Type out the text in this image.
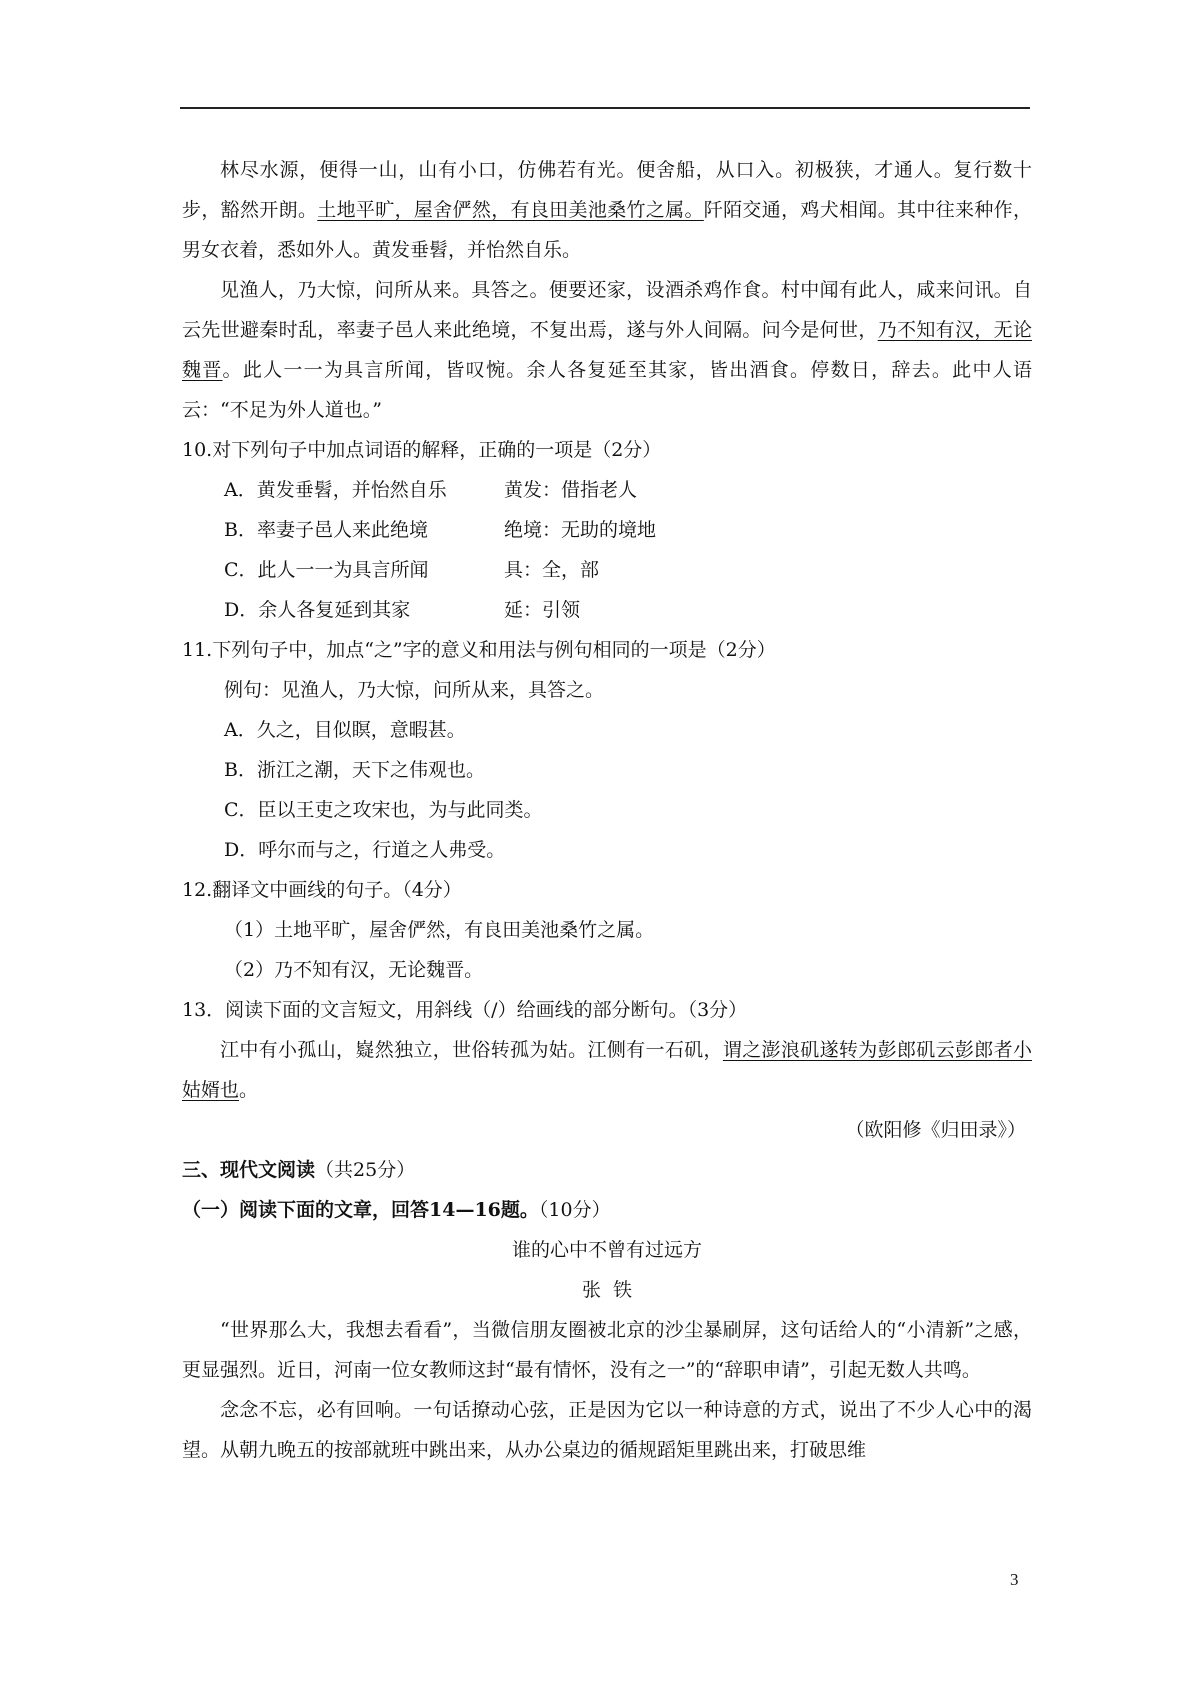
林尽水源，便得一山，山有小口，仿佛若有光。便舍船，从口入。初极狭，才通人。复行数十步，豁然开朗。土地平旷，屋舍俨然，有良田美池桑竹之属。阡陌交通，鸡犬相闻。其中往来种作，男女衣着，悉如外人。黄发垂髫，并怡然自乐。

见渔人，乃大惊，问所从来。具答之。便要还家，设酒杀鸡作食。村中闻有此人，咸来问讯。自云先世避秦时乱，率妻子邑人来此绝境，不复出焉，遂与外人间隔。问今是何世，乃不知有汉，无论魏晋。此人一一为具言所闻，皆叹惋。余人各复延至其家，皆出酒食。停数日，辞去。此中人语云：“不足为外人道也。”

10.对下列句子中加点词语的解释，正确的一项是（2分）

A．黄发垂髫，并怡然自乐	黄发：借指老人

B．率妻子邑人来此绝境	绝境：无助的境地

C．此人一一为具言所闻	具：全，部

D．余人各复延到其家	延：引领

11.下列句子中，加点“之”字的意义和用法与例句相同的一项是（2分）

例句：见渔人，乃大惊，问所从来，具答之。

A．久之，目似瞑，意暇甚。

B．浙江之潮，天下之伟观也。

C．臣以王吏之攻宋也，为与此同类。

D．呼尔而与之，行道之人弗受。

12.翻译文中画线的句子。（4分）

（1）土地平旷，屋舍俨然，有良田美池桑竹之属。

（2）乃不知有汉，无论魏晋。

13．阅读下面的文言短文，用斜线（/）给画线的部分断句。（3分）

江中有小孤山，嶷然独立，世俗转孤为姑。江侧有一石矶，谓之澎浪矶遂转为彭郎矶云彭郎者小姑婿也。

（欧阳修《归田录》）

三、现代文阅读（共25分）

（一）阅读下面的文章，回答14—16题。（10分）

谁的心中不曾有过远方

张  铁

“世界那么大，我想去看看”，当微信朋友圈被北京的沙尘暴刷屏，这句话给人的“小清新”之感，更显强烈。近日，河南一位女教师这封“最有情怀，没有之一”的“辞职申请”，引起无数人共鸣。

念念不忘，必有回响。一句话撩动心弦，正是因为它以一种诗意的方式，说出了不少人心中的渴望。从朝九晚五的按部就班中跳出来，从办公桌边的循规蹈矩里跳出来，打破思维

3
